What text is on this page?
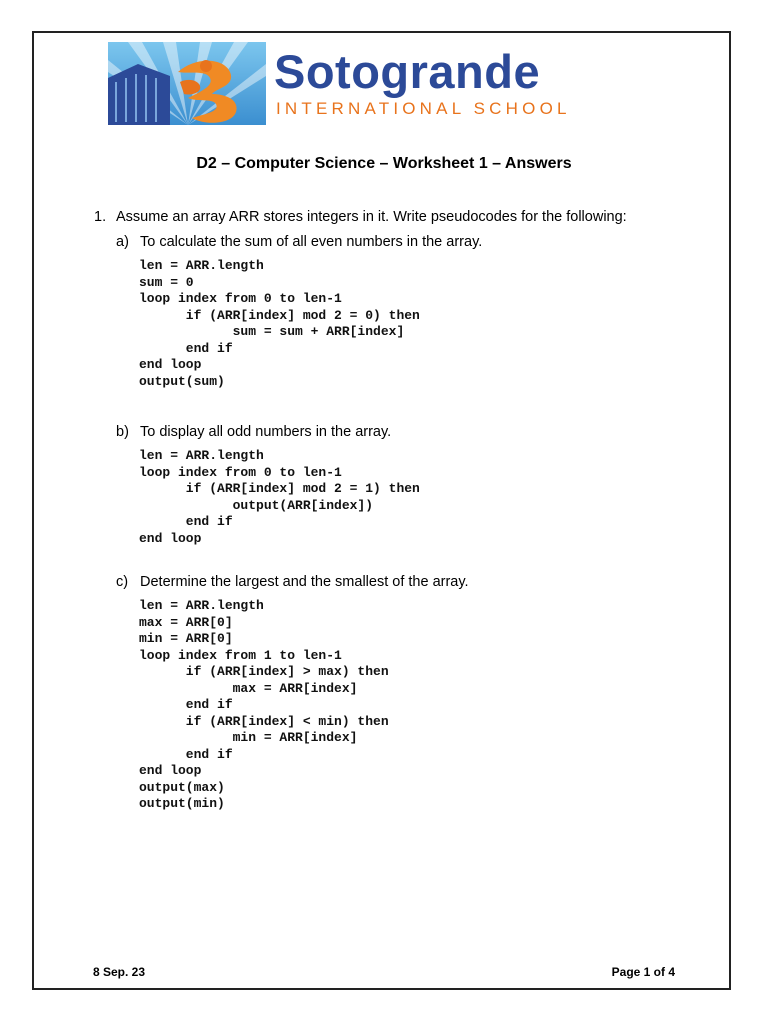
Sotogrande
INTERNATIONAL SCHOOL
D2 – Computer Science – Worksheet 1 – Answers
1. Assume an array ARR stores integers in it. Write pseudocodes for the following:
a) To calculate the sum of all even numbers in the array.
len = ARR.length
sum = 0
loop index from 0 to len-1
if (ARR[index] mod 2 = 0) then
sum = sum + ARR[index]
end if
end loop
output(sum)
b) To display all odd numbers in the array.
len = ARR.length
loop index from 0 to len-1
if (ARR[index] mod 2 = 1) then
output(ARR[index])
end if
end loop
c) Determine the largest and the smallest of the array.
len = ARR.length
max = ARR[0]
min = ARR[0]
loop index from 1 to len-1
if (ARR[index] > max) then
max = ARR[index]
end if
if (ARR[index] < min) then
min = ARR[index]
end if
end loop
output(max)
output(min)
8 Sep. 23	Page 1 of 4
